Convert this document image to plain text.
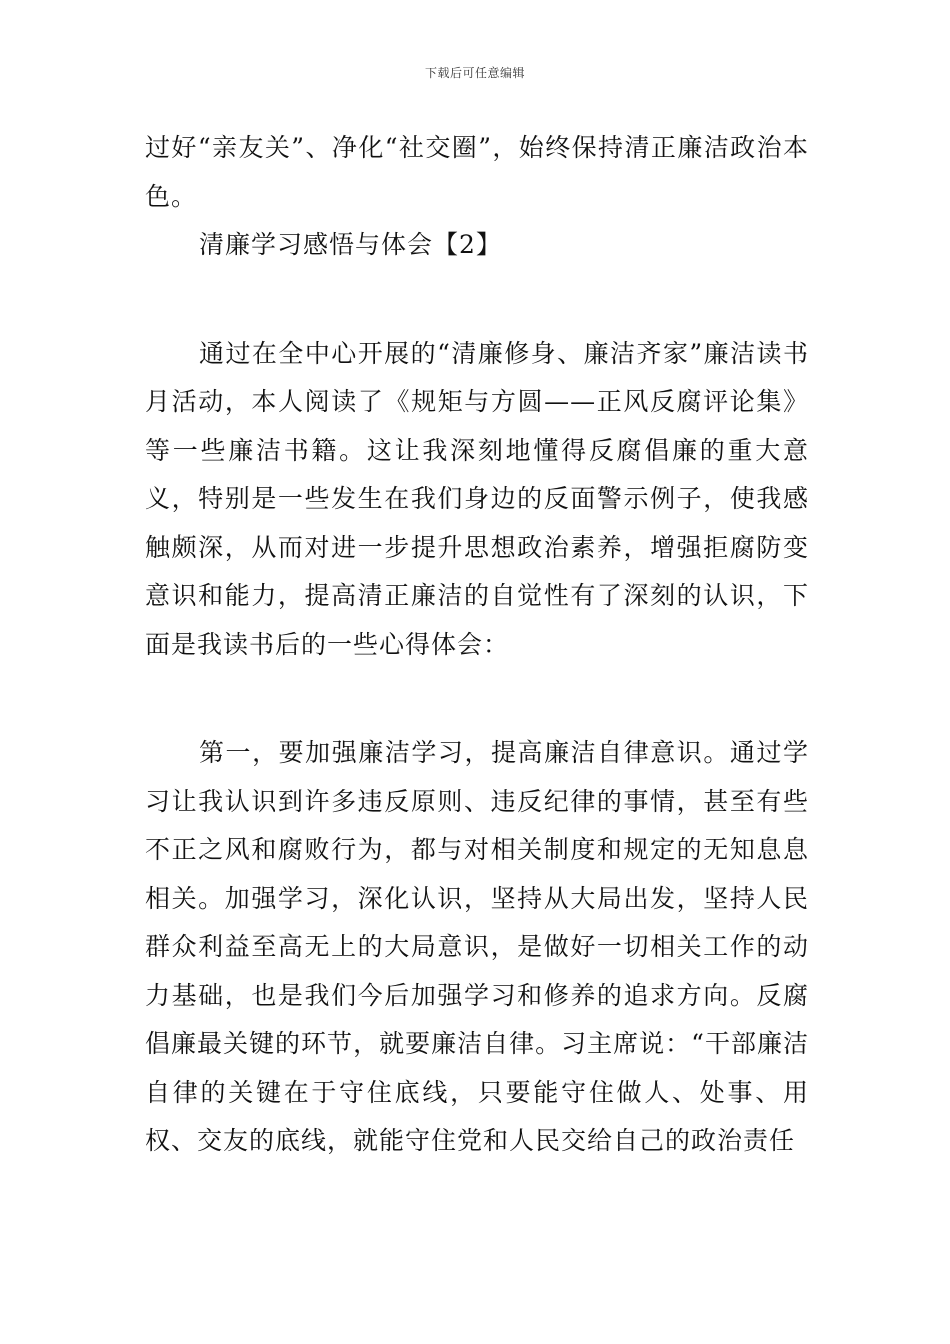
下载后可任意编辑

过好“亲友关”、净化“社交圈”，始终保持清正廉洁政治本色。

清廉学习感悟与体会【2】

通过在全中心开展的“清廉修身、廉洁齐家”廉洁读书月活动，本人阅读了《规矩与方圆——正风反腐评论集》等一些廉洁书籍。这让我深刻地懂得反腐倡廉的重大意义，特别是一些发生在我们身边的反面警示例子，使我感触颇深，从而对进一步提升思想政治素养，增强拒腐防变意识和能力，提高清正廉洁的自觉性有了深刻的认识，下面是我读书后的一些心得体会：

第一，要加强廉洁学习，提高廉洁自律意识。通过学习让我认识到许多违反原则、违反纪律的事情，甚至有些不正之风和腐败行为，都与对相关制度和规定的无知息息相关。加强学习，深化认识，坚持从大局出发，坚持人民群众利益至高无上的大局意识，是做好一切相关工作的动力基础，也是我们今后加强学习和修养的追求方向。反腐倡廉最关键的环节，就要廉洁自律。习主席说：“干部廉洁自律的关键在于守住底线，只要能守住做人、处事、用权、交友的底线，就能守住党和人民交给自己的政治责任
